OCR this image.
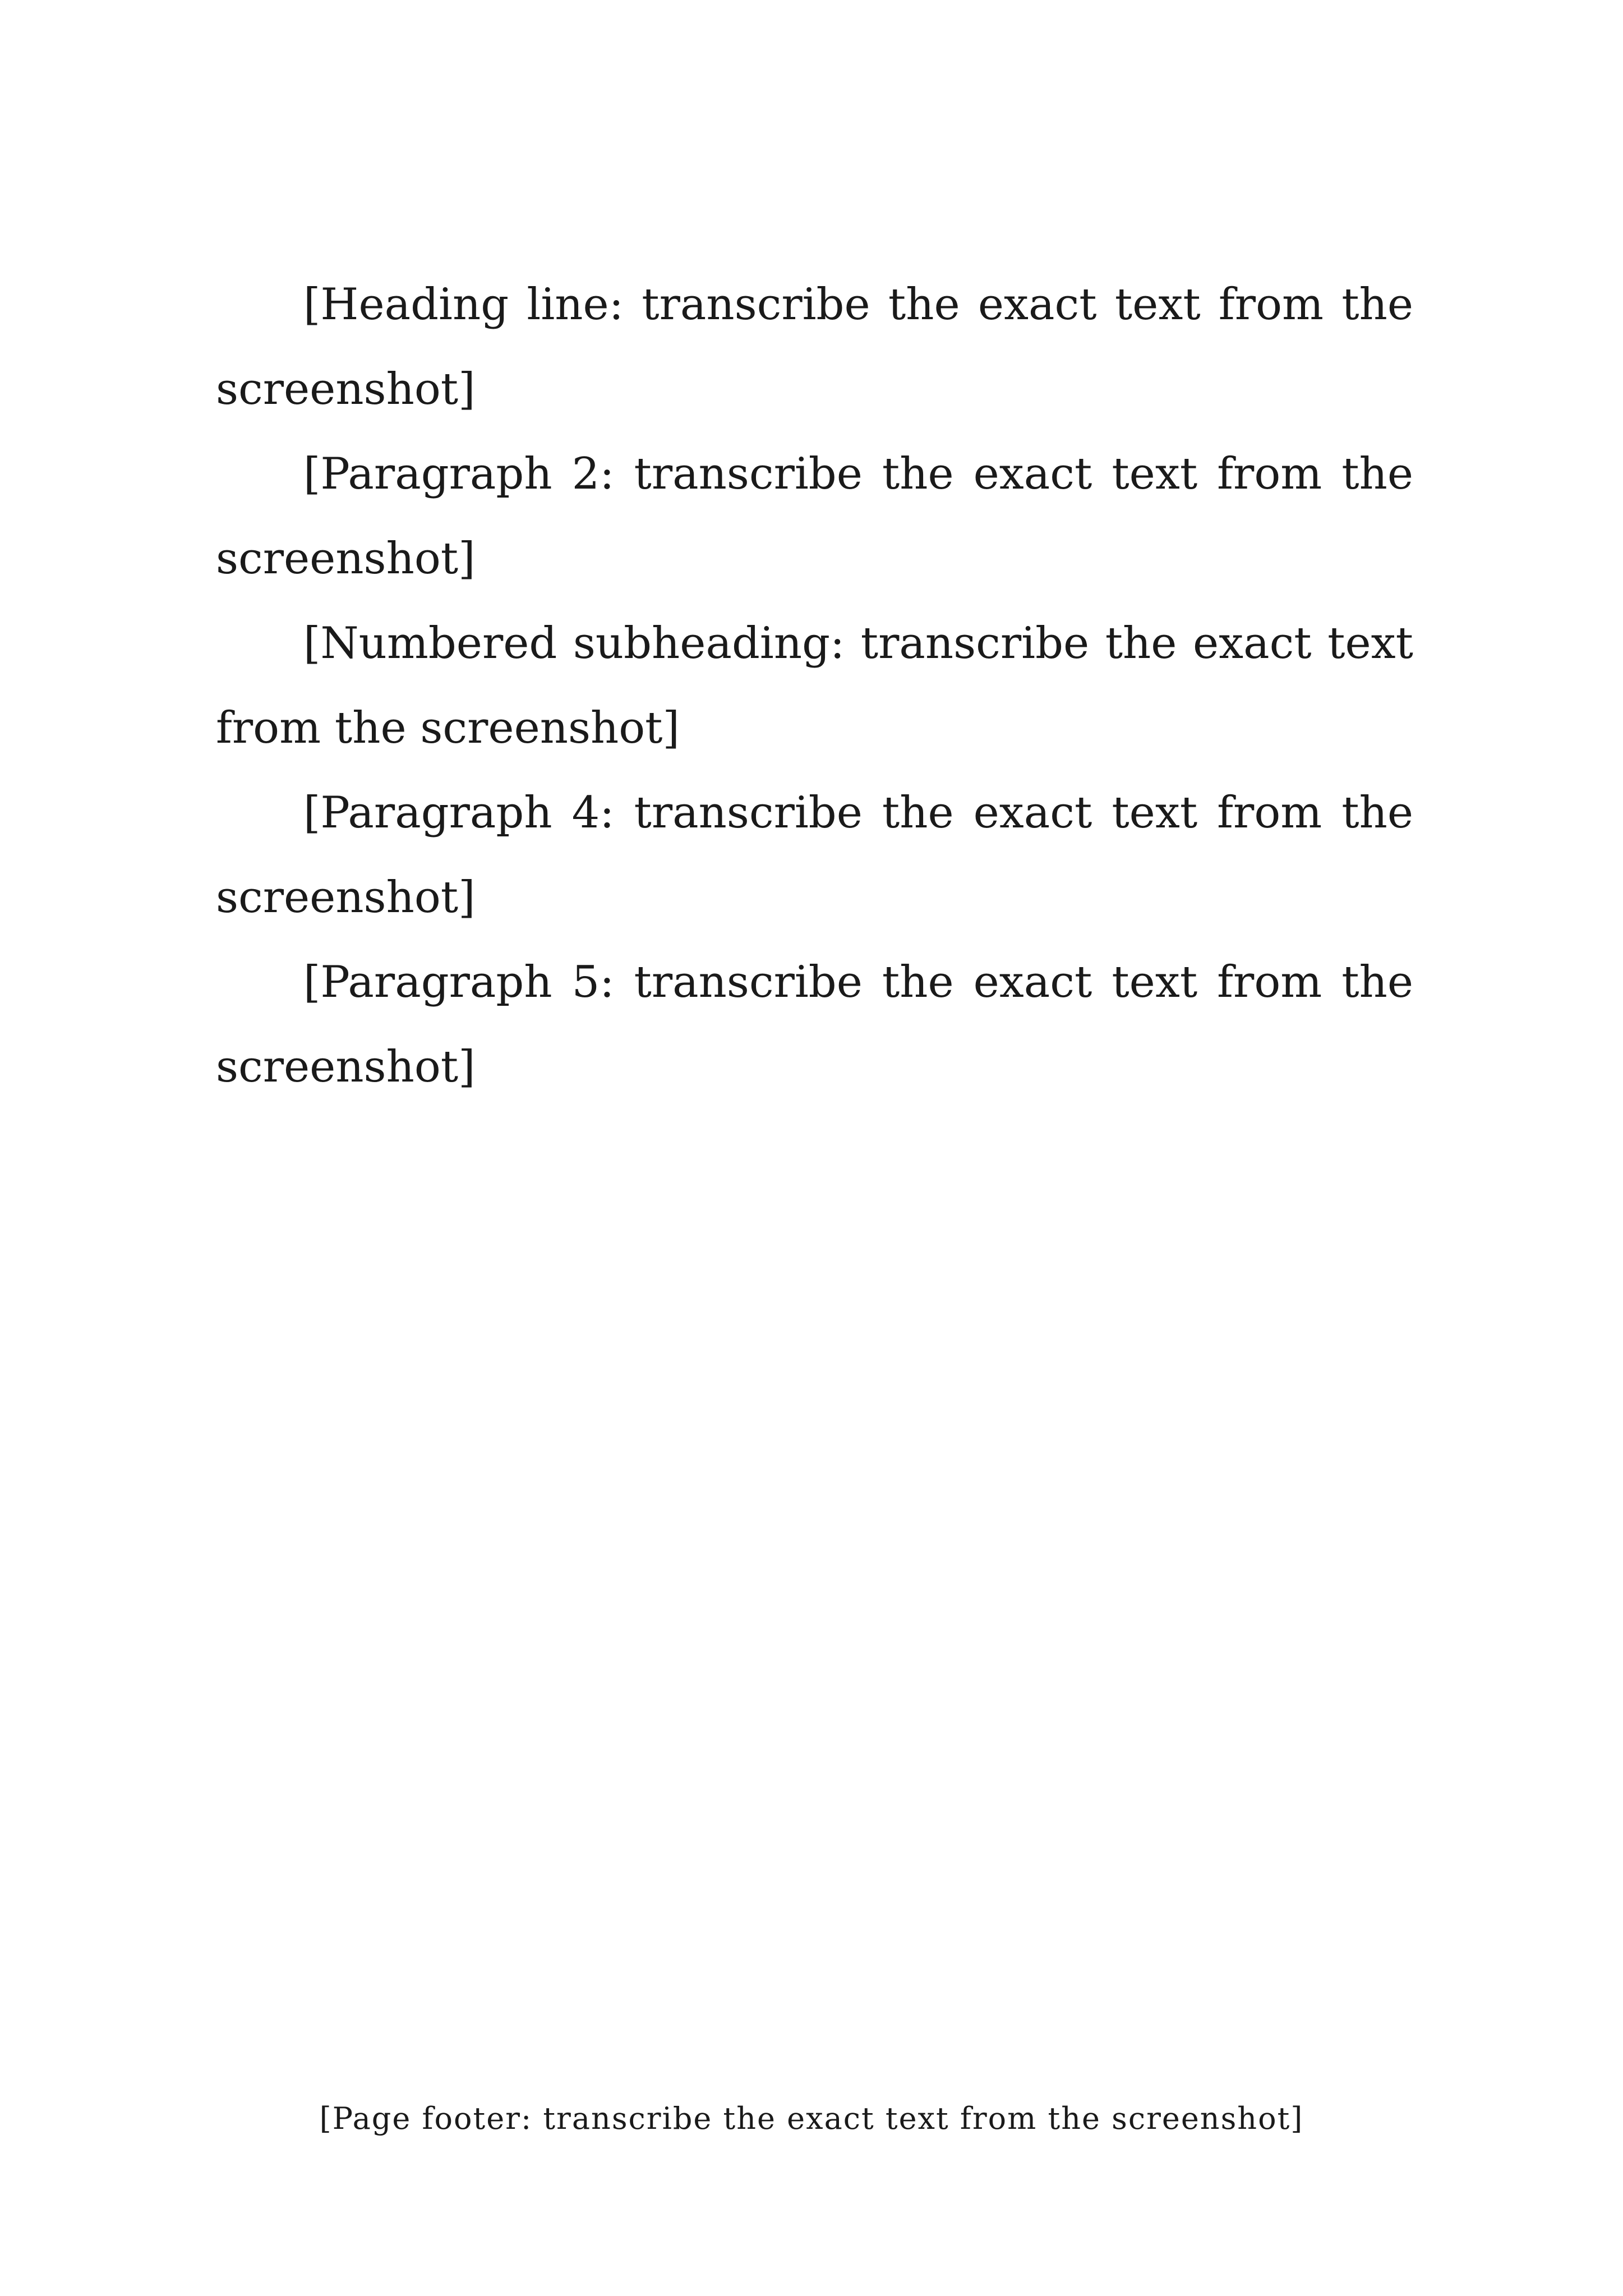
[Heading line: transcribe the exact text from the screenshot]

[Paragraph 2: transcribe the exact text from the screenshot]

[Numbered subheading: transcribe the exact text from the screenshot]

[Paragraph 4: transcribe the exact text from the screenshot]

[Paragraph 5: transcribe the exact text from the screenshot]

[Page footer: transcribe the exact text from the screenshot]
